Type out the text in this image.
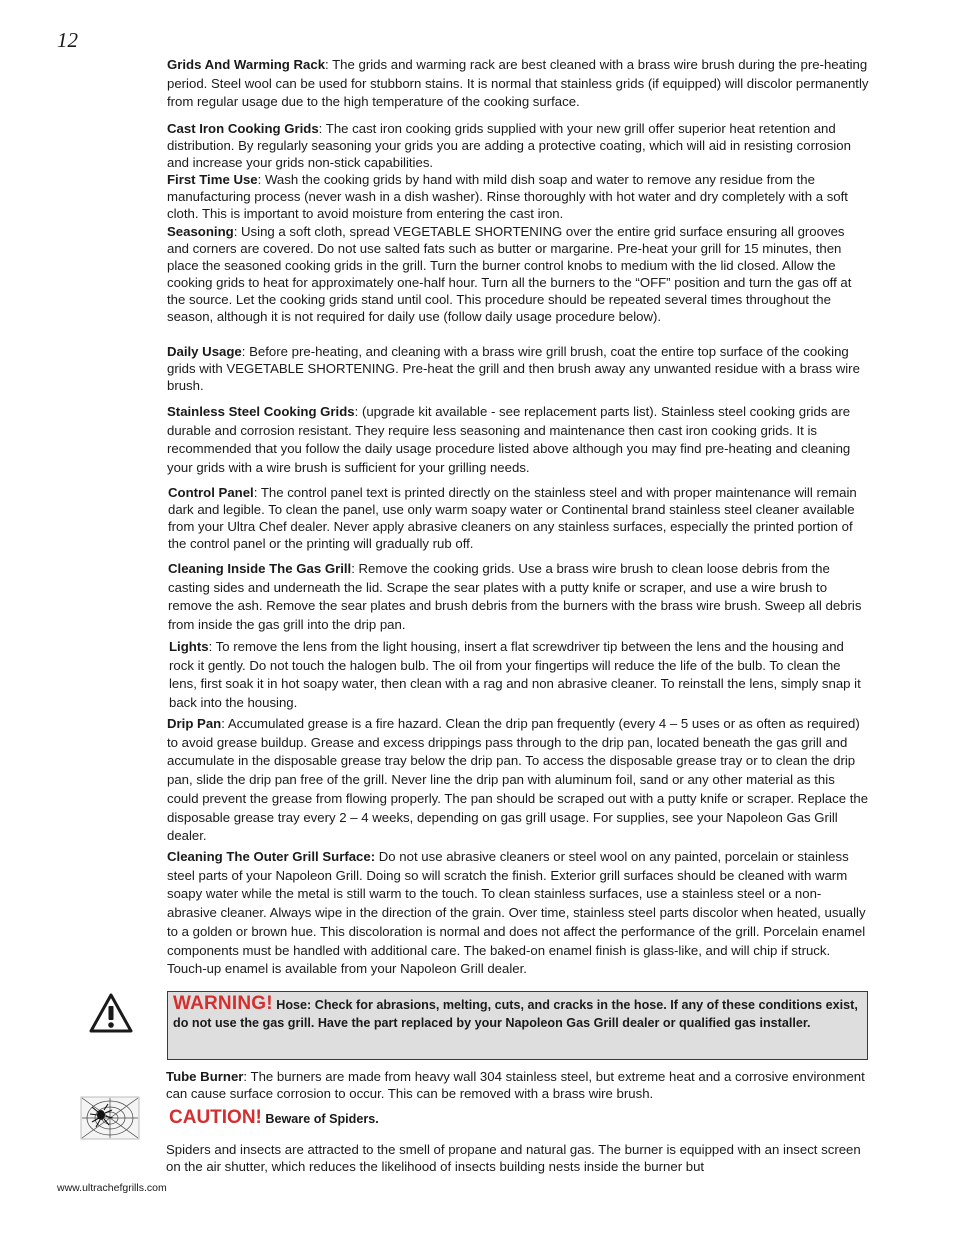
12
Grids And Warming Rack: The grids and warming rack are best cleaned with a brass wire brush during the pre-heating period. Steel wool can be used for stubborn stains. It is normal that stainless grids (if equipped) will discolor permanently from regular usage due to the high temperature of the cooking surface.
Cast Iron Cooking Grids: The cast iron cooking grids supplied with your new grill offer superior heat retention and distribution. By regularly seasoning your grids you are adding a protective coating, which will aid in resisting corrosion and increase your grids non-stick capabilities.
First Time Use: Wash the cooking grids by hand with mild dish soap and water to remove any residue from the manufacturing process (never wash in a dish washer). Rinse thoroughly with hot water and dry completely with a soft cloth. This is important to avoid moisture from entering the cast iron.
Seasoning: Using a soft cloth, spread VEGETABLE SHORTENING over the entire grid surface ensuring all grooves and corners are covered. Do not use salted fats such as butter or margarine. Pre-heat your grill for 15 minutes, then place the seasoned cooking grids in the grill. Turn the burner control knobs to medium with the lid closed. Allow the cooking grids to heat for approximately one-half hour. Turn all the burners to the “OFF” position and turn the gas off at the source. Let the cooking grids stand until cool. This procedure should be repeated several times throughout the season, although it is not required for daily use (follow daily usage procedure below).
Daily Usage: Before pre-heating, and cleaning with a brass wire grill brush, coat the entire top surface of the cooking grids with VEGETABLE SHORTENING. Pre-heat the grill and then brush away any unwanted residue with a brass wire brush.
Stainless Steel Cooking Grids: (upgrade kit available - see replacement parts list). Stainless steel cooking grids are durable and corrosion resistant. They require less seasoning and maintenance then cast iron cooking grids. It is recommended that you follow the daily usage procedure listed above although you may find pre-heating and cleaning your grids with a wire brush is sufficient for your grilling needs.
Control Panel: The control panel text is printed directly on the stainless steel and with proper maintenance will remain dark and legible. To clean the panel, use only warm soapy water or Continental brand stainless steel cleaner available from your Ultra Chef dealer. Never apply abrasive cleaners on any stainless surfaces, especially the printed portion of the control panel or the printing will gradually rub off.
Cleaning Inside The Gas Grill: Remove the cooking grids. Use a brass wire brush to clean loose debris from the casting sides and underneath the lid. Scrape the sear plates with a putty knife or scraper, and use a wire brush to remove the ash. Remove the sear plates and brush debris from the burners with the brass wire brush. Sweep all debris from inside the gas grill into the drip pan.
Lights: To remove the lens from the light housing, insert a flat screwdriver tip between the lens and the housing and rock it gently. Do not touch the halogen bulb. The oil from your fingertips will reduce the life of the bulb. To clean the lens, first soak it in hot soapy water, then clean with a rag and non abrasive cleaner. To reinstall the lens, simply snap it back into the housing.
Drip Pan: Accumulated grease is a fire hazard. Clean the drip pan frequently (every 4 – 5 uses or as often as required) to avoid grease buildup. Grease and excess drippings pass through to the drip pan, located beneath the gas grill and accumulate in the disposable grease tray below the drip pan. To access the disposable grease tray or to clean the drip pan, slide the drip pan free of the grill. Never line the drip pan with aluminum foil, sand or any other material as this could prevent the grease from flowing properly. The pan should be scraped out with a putty knife or scraper. Replace the disposable grease tray every 2 – 4 weeks, depending on gas grill usage. For supplies, see your Napoleon Gas Grill dealer.
Cleaning The Outer Grill Surface: Do not use abrasive cleaners or steel wool on any painted, porcelain or stainless steel parts of your Napoleon Grill. Doing so will scratch the finish. Exterior grill surfaces should be cleaned with warm soapy water while the metal is still warm to the touch. To clean stainless surfaces, use a stainless steel or a non-abrasive cleaner. Always wipe in the direction of the grain. Over time, stainless steel parts discolor when heated, usually to a golden or brown hue. This discoloration is normal and does not affect the performance of the grill. Porcelain enamel components must be handled with additional care. The baked-on enamel finish is glass-like, and will chip if struck. Touch-up enamel is available from your Napoleon Grill dealer.
WARNING! Hose: Check for abrasions, melting, cuts, and cracks in the hose. If any of these conditions exist, do not use the gas grill. Have the part replaced by your Napoleon Gas Grill dealer or qualified gas installer.
Tube Burner: The burners are made from heavy wall 304 stainless steel, but extreme heat and a corrosive environment can cause surface corrosion to occur. This can be removed with a brass wire brush.
CAUTION! Beware of Spiders.
Spiders and insects are attracted to the smell of propane and natural gas. The burner is equipped with an insect screen on the air shutter, which reduces the likelihood of insects building nests inside the burner but
www.ultrachefgrills.com
